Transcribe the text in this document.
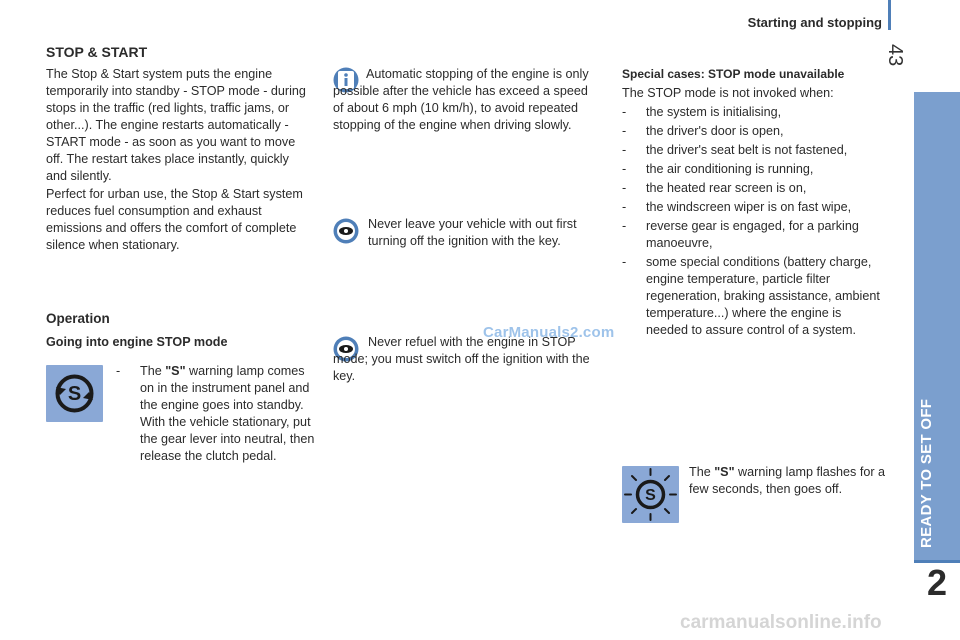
Starting and stopping
43
READY TO SET OFF
2
STOP & START

The Stop & Start system puts the engine temporarily into standby - STOP mode - during stops in the traffic (red lights, traffic jams, or other...). The engine restarts automatically - START mode - as soon as you want to move off. The restart takes place instantly, quickly and silently.

Perfect for urban use, the Stop & Start system reduces fuel consumption and exhaust emissions and offers the comfort of complete silence when stationary.

Operation
Going into engine STOP mode
S
- The "S" warning lamp comes on in the instrument panel and the engine goes into standby. With the vehicle stationary, put the gear lever into neutral, then release the clutch pedal.

Automatic stopping of the engine is only possible after the vehicle has exceed a speed of about 6 mph (10 km/h), to avoid repeated stopping of the engine when driving slowly.

Never leave your vehicle with out first turning off the ignition with the key.

Never refuel with the engine in STOP mode; you must switch off the ignition with the key.

CarManuals2.com
Special cases: STOP mode unavailable

The STOP mode is not invoked when:

- the system is initialising,
- the driver's door is open,
- the driver's seat belt is not fastened,
- the air conditioning is running,
- the heated rear screen is on,
- the windscreen wiper is on fast wipe,
- reverse gear is engaged, for a parking manoeuvre,
- some special conditions (battery charge, engine temperature, particle filter regeneration, braking assistance, ambient temperature...) where the engine is needed to assure control of a system.
S

The "S" warning lamp flashes for a few seconds, then goes off.

carmanualsonline.info
